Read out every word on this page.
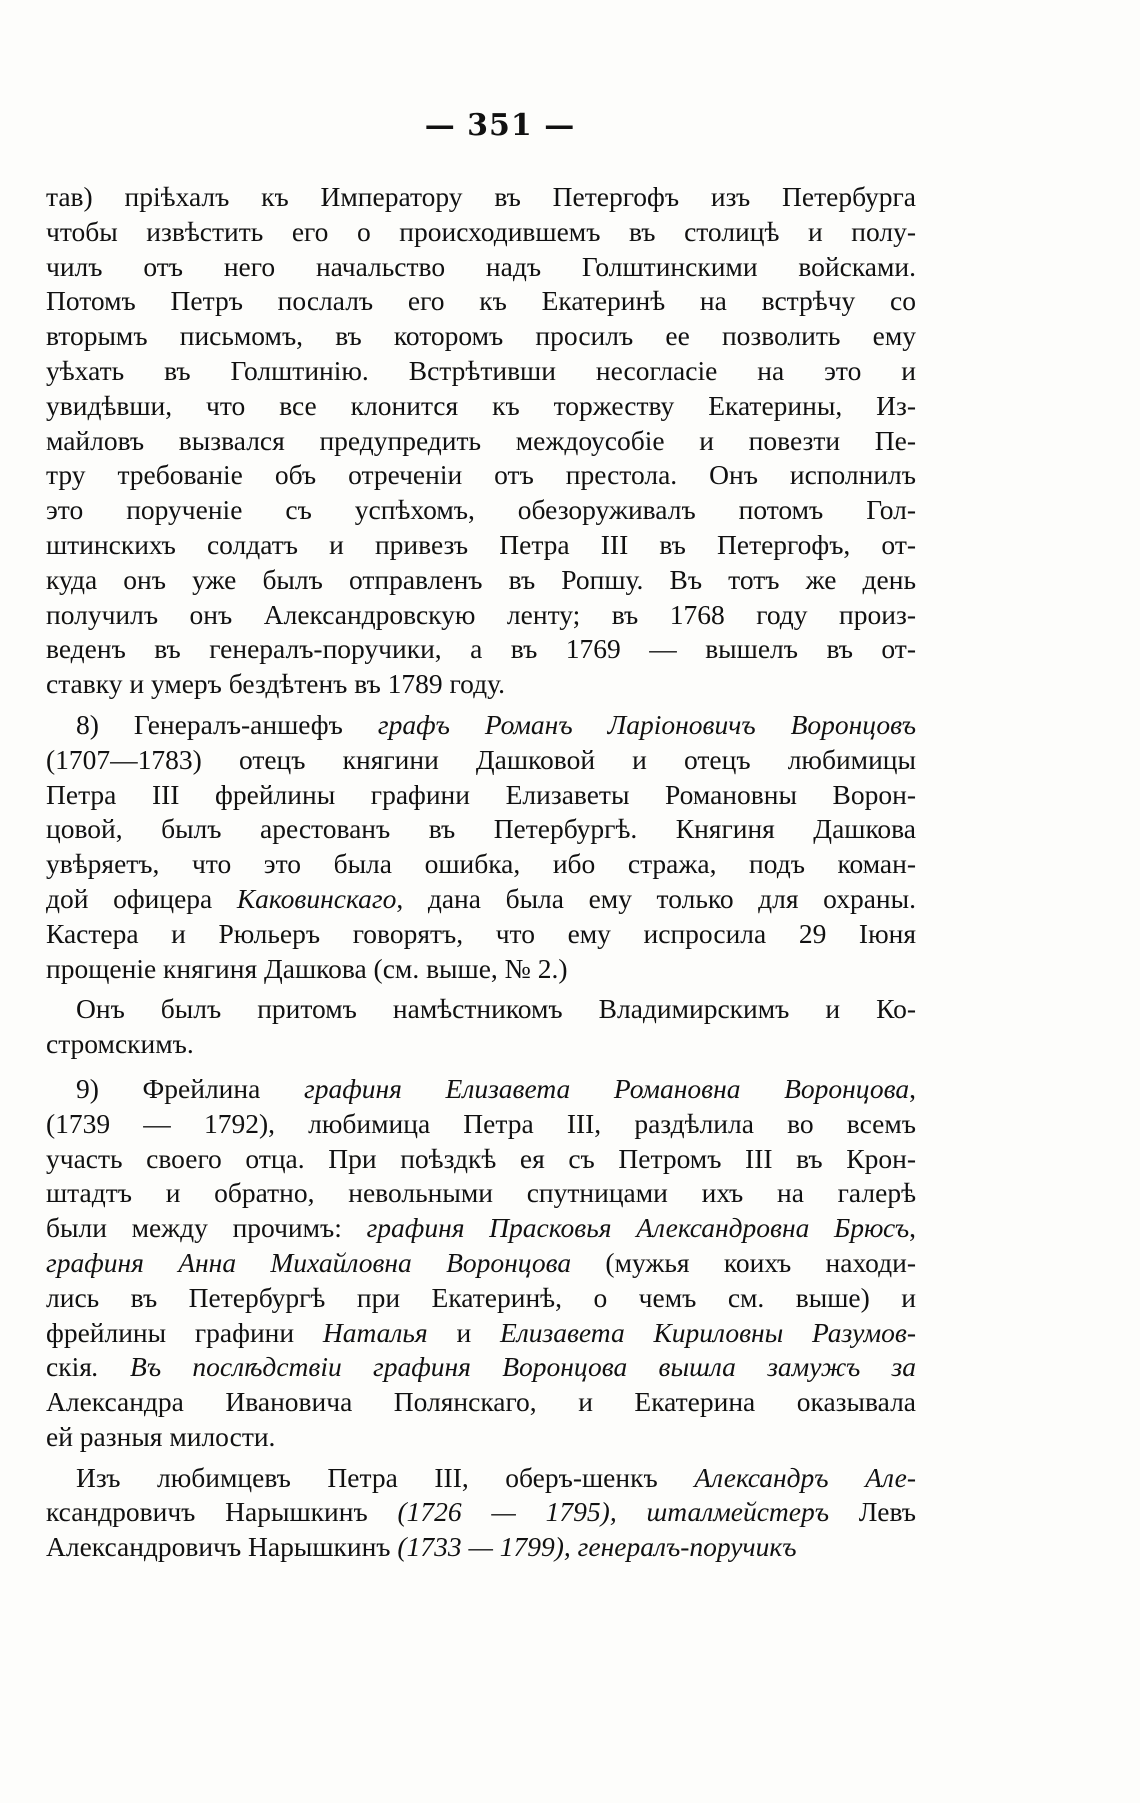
— 351 —
тав) пріѣхалъ къ Императору въ Петергофъ изъ Петербурга
чтобы извѣстить его о происходившемъ въ столицѣ и полу-
чилъ отъ него начальство надъ Голштинскими войсками.
Потомъ Петръ послалъ его къ Екатеринѣ на встрѣчу со
вторымъ письмомъ, въ которомъ просилъ ее позволить ему
уѣхать въ Голштинію. Встрѣтивши несогласіе на это и
увидѣвши, что все клонится къ торжеству Екатерины, Из-
майловъ вызвался предупредить междоусобіе и повезти Пе-
тру требованіе объ отреченіи отъ престола. Онъ исполнилъ
это порученіе съ успѣхомъ, обезоруживалъ потомъ Гол-
штинскихъ солдатъ и привезъ Петра III въ Петергофъ, от-
куда онъ уже былъ отправленъ въ Ропшу. Въ тотъ же день
получилъ онъ Александровскую ленту; въ 1768 году произ-
веденъ въ генералъ-поручики, а въ 1769 — вышелъ въ от-
ставку и умеръ бездѣтенъ въ 1789 году.
8) Генералъ-аншефъ графъ Романъ Ларіоновичъ Воронцовъ
(1707—1783) отецъ княгини Дашковой и отецъ любимицы
Петра III фрейлины графини Елизаветы Романовны Ворон-
цовой, былъ арестованъ въ Петербургѣ. Княгиня Дашкова
увѣряетъ, что это была ошибка, ибо стража, подъ коман-
дой офицера Каковинскаго, дана была ему только для охраны.
Кастера и Рюльеръ говорятъ, что ему испросила 29 Іюня
прощеніе княгиня Дашкова (см. выше, № 2.)
Онъ былъ притомъ намѣстникомъ Владимирскимъ и Ко-
стромскимъ.
9) Фрейлина графиня Елизавета Романовна Воронцова,
(1739 — 1792), любимица Петра III, раздѣлила во всемъ
участь своего отца. При поѣздкѣ ея съ Петромъ III въ Крон-
штадтъ и обратно, невольными спутницами ихъ на галерѣ
были между прочимъ: графиня Прасковья Александровна Брюсъ,
графиня Анна Михайловна Воронцова (мужья коихъ находи-
лись въ Петербургѣ при Екатеринѣ, о чемъ см. выше) и
фрейлины графини Наталья и Елизавета Кириловны Разумов-
скія. Въ послѣдствіи графиня Воронцова вышла замужъ за
Александра Ивановича Полянскаго, и Екатерина оказывала
ей разныя милости.
Изъ любимцевъ Петра III, оберъ-шенкъ Александръ Але-
ксандровичъ Нарышкинъ (1726 — 1795), шталмейстеръ Левъ
Александровичъ Нарышкинъ (1733 — 1799), генералъ-поручикъ
